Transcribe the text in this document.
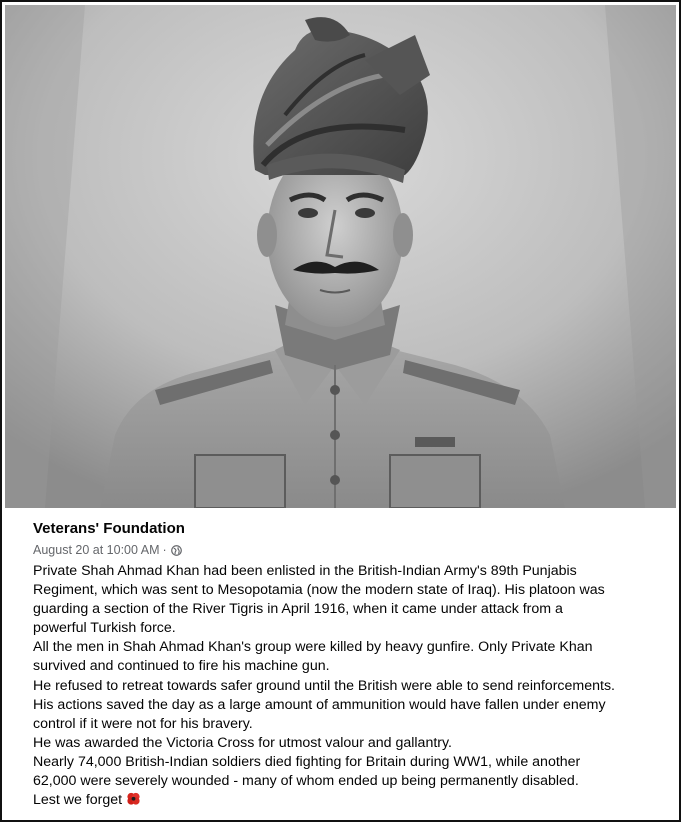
Veterans' Foundation
August 20 at 10:00 AM ·
Private Shah Ahmad Khan had been enlisted in the British-Indian Army's 89th Punjabis
Regiment, which was sent to Mesopotamia (now the modern state of Iraq). His platoon was
guarding a section of the River Tigris in April 1916, when it came under attack from a
powerful Turkish force.
All the men in Shah Ahmad Khan's group were killed by heavy gunfire. Only Private Khan
survived and continued to fire his machine gun.
He refused to retreat towards safer ground until the British were able to send reinforcements.
His actions saved the day as a large amount of ammunition would have fallen under enemy
control if it were not for his bravery.
He was awarded the Victoria Cross for utmost valour and gallantry.
Nearly 74,000 British-Indian soldiers died fighting for Britain during WW1, while another
62,000 were severely wounded - many of whom ended up being permanently disabled.
Lest we forget
